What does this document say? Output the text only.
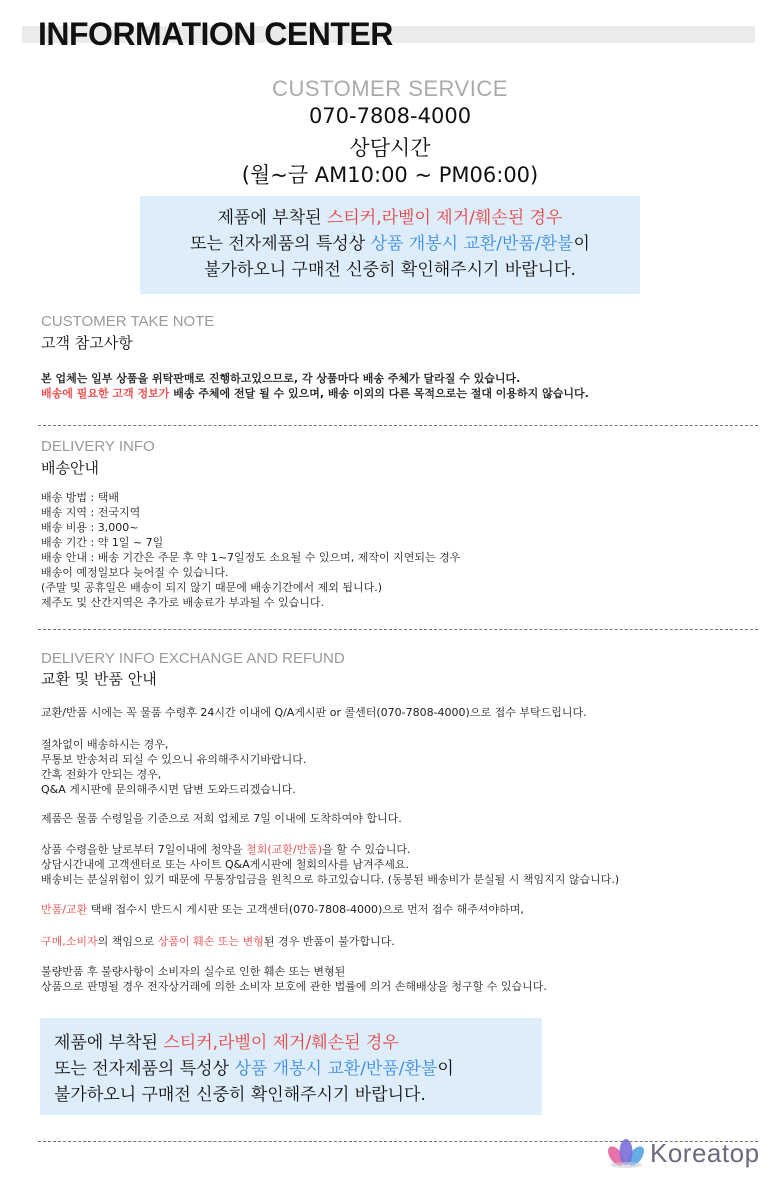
INFORMATION CENTER
CUSTOMER SERVICE
070-7808-4000
상담시간
(월~금 AM10:00 ~ PM06:00)
제품에 부착된 스티커,라벨이 제거/훼손된 경우
또는 전자제품의 특성상 상품 개봉시 교환/반품/환불이
불가하오니 구매전 신중히 확인해주시기 바랍니다.
CUSTOMER TAKE NOTE
고객 참고사항
본 업체는 일부 상품을 위탁판매로 진행하고있으므로, 각 상품마다 배송 주체가 달라질 수 있습니다.
배송에 필요한 고객 정보가 배송 주체에 전달 될 수 있으며, 배송 이외의 다른 목적으로는 절대 이용하지 않습니다.
DELIVERY INFO
배송안내
배송 방법 : 택배
배송 지역 : 전국지역
배송 비용 : 3,000~
배송 기간 : 약 1일 ~ 7일
배송 안내 : 배송 기간은 주문 후 약 1~7일정도 소요될 수 있으며, 제작이 지연되는 경우
배송이 예정일보다 늦어질 수 있습니다.
(주말 및 공휴일은 배송이 되지 않기 때문에 배송기간에서 제외 됩니다.)
제주도 및 산간지역은 추가로 배송료가 부과될 수 있습니다.
DELIVERY INFO EXCHANGE AND REFUND
교환 및 반품 안내
교환/반품 시에는 꼭 물품 수령후 24시간 이내에 Q/A게시판 or 콜센터(070-7808-4000)으로 접수 부탁드립니다.
절차없이 배송하시는 경우,
무통보 반송처리 되실 수 있으니 유의해주시기바랍니다.
간혹 전화가 안되는 경우,
Q&A 게시판에 문의해주시면 답변 도와드리겠습니다.
제품은 물품 수령일을 기준으로 저희 업체로 7일 이내에 도착하여야 합니다.
상품 수령을한 날로부터 7일이내에 청약을 철회(교환/반품)을 할 수 있습니다.
상담시간내에 고객센터로 또는 사이트 Q&A게시판에 철회의사를 남겨주세요.
배송비는 분실위험이 있기 때문에 무통장입금을 원칙으로 하고있습니다. (동봉된 배송비가 분실될 시 책임지지 않습니다.)
반품/교환 택배 접수시 반드시 게시판 또는 고객센터(070-7808-4000)으로 먼저 접수 해주셔야하며,
구매,소비자의 책임으로 상품이 훼손 또는 변형된 경우 반품이 불가합니다.
불량반품 후 불량사항이 소비자의 실수로 인한 훼손 또는 변형된
상품으로 판명될 경우 전자상거래에 의한 소비자 보호에 관한 법률에 의거 손해배상을 청구할 수 있습니다.
제품에 부착된 스티커,라벨이 제거/훼손된 경우
또는 전자제품의 특성상 상품 개봉시 교환/반품/환불이
불가하오니 구매전 신중히 확인해주시기 바랍니다.
Koreatop
